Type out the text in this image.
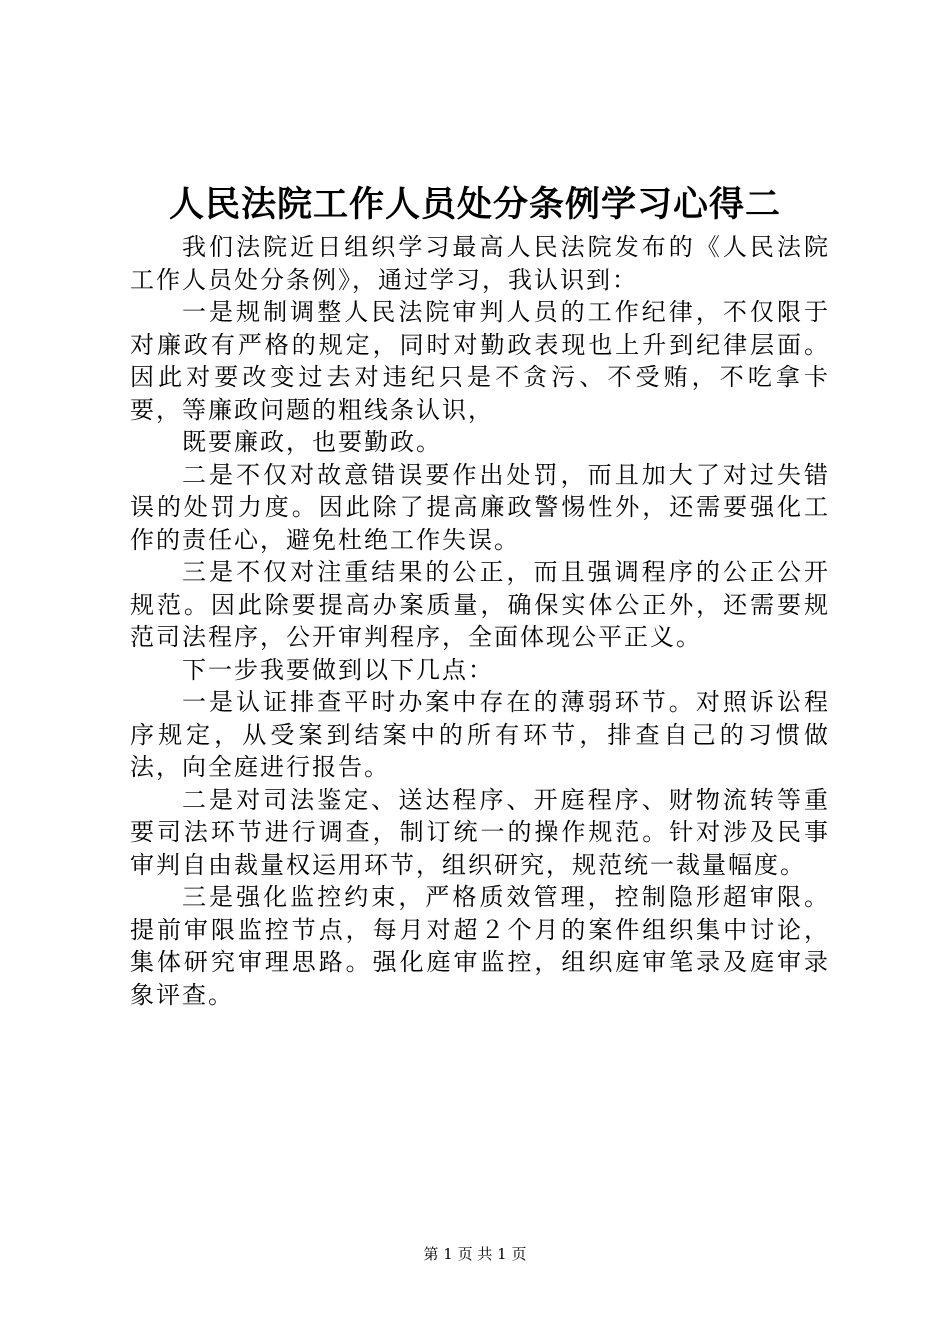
人民法院工作人员处分条例学习心得二

我们法院近日组织学习最高人民法院发布的《人民法院工作人员处分条例》，通过学习，我认识到：

一是规制调整人民法院审判人员的工作纪律，不仅限于对廉政有严格的规定，同时对勤政表现也上升到纪律层面。因此对要改变过去对违纪只是不贪污、不受贿，不吃拿卡要，等廉政问题的粗线条认识，

既要廉政，也要勤政。

二是不仅对故意错误要作出处罚，而且加大了对过失错误的处罚力度。因此除了提高廉政警惕性外，还需要强化工作的责任心，避免杜绝工作失误。

三是不仅对注重结果的公正，而且强调程序的公正公开规范。因此除要提高办案质量，确保实体公正外，还需要规范司法程序，公开审判程序，全面体现公平正义。

下一步我要做到以下几点：

一是认证排查平时办案中存在的薄弱环节。对照诉讼程序规定，从受案到结案中的所有环节，排查自己的习惯做法，向全庭进行报告。

二是对司法鉴定、送达程序、开庭程序、财物流转等重要司法环节进行调查，制订统一的操作规范。针对涉及民事审判自由裁量权运用环节，组织研究，规范统一裁量幅度。

三是强化监控约束，严格质效管理，控制隐形超审限。提前审限监控节点，每月对超２个月的案件组织集中讨论，集体研究审理思路。强化庭审监控，组织庭审笔录及庭审录象评查。

第 1 页 共 1 页
